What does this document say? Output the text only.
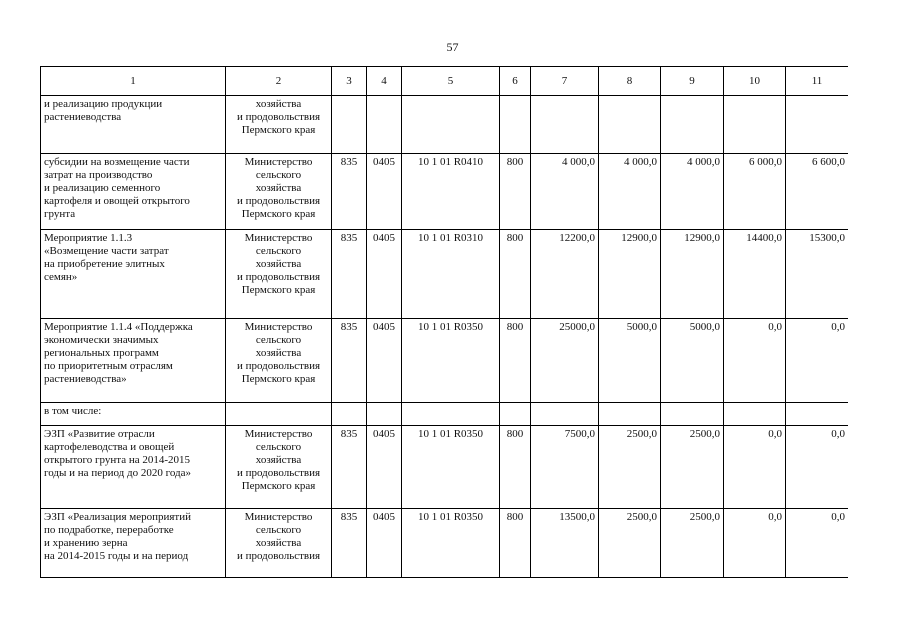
57
1	2	3	4	5	6	7	8	9	10	11
и реализацию продукции
растениеводства	хозяйства
и продовольствия
Пермского края									
субсидии на возмещение части
затрат на производство
и реализацию семенного
картофеля и овощей открытого
грунта	Министерство
сельского
хозяйства
и продовольствия
Пермского края	835	0405	10 1 01 R0410	800	4 000,0	4 000,0	4 000,0	6 000,0	6 600,0
Мероприятие 1.1.3
«Возмещение части затрат
на приобретение элитных
семян»	Министерство
сельского
хозяйства
и продовольствия
Пермского края	835	0405	10 1 01 R0310	800	12200,0	12900,0	12900,0	14400,0	15300,0
Мероприятие 1.1.4 «Поддержка
экономически значимых
региональных программ
по приоритетным отраслям
растениеводства»	Министерство
сельского
хозяйства
и продовольствия
Пермского края	835	0405	10 1 01 R0350	800	25000,0	5000,0	5000,0	0,0	0,0
в том числе:										
ЭЗП «Развитие отрасли
картофелеводства и овощей
открытого грунта на 2014-2015
годы и на период до 2020 года»	Министерство
сельского
хозяйства
и продовольствия
Пермского края	835	0405	10 1 01 R0350	800	7500,0	2500,0	2500,0	0,0	0,0
ЭЗП «Реализация мероприятий
по подработке, переработке
и хранению зерна
на 2014-2015 годы и на период	Министерство
сельского
хозяйства
и продовольствия	835	0405	10 1 01 R0350	800	13500,0	2500,0	2500,0	0,0	0,0
